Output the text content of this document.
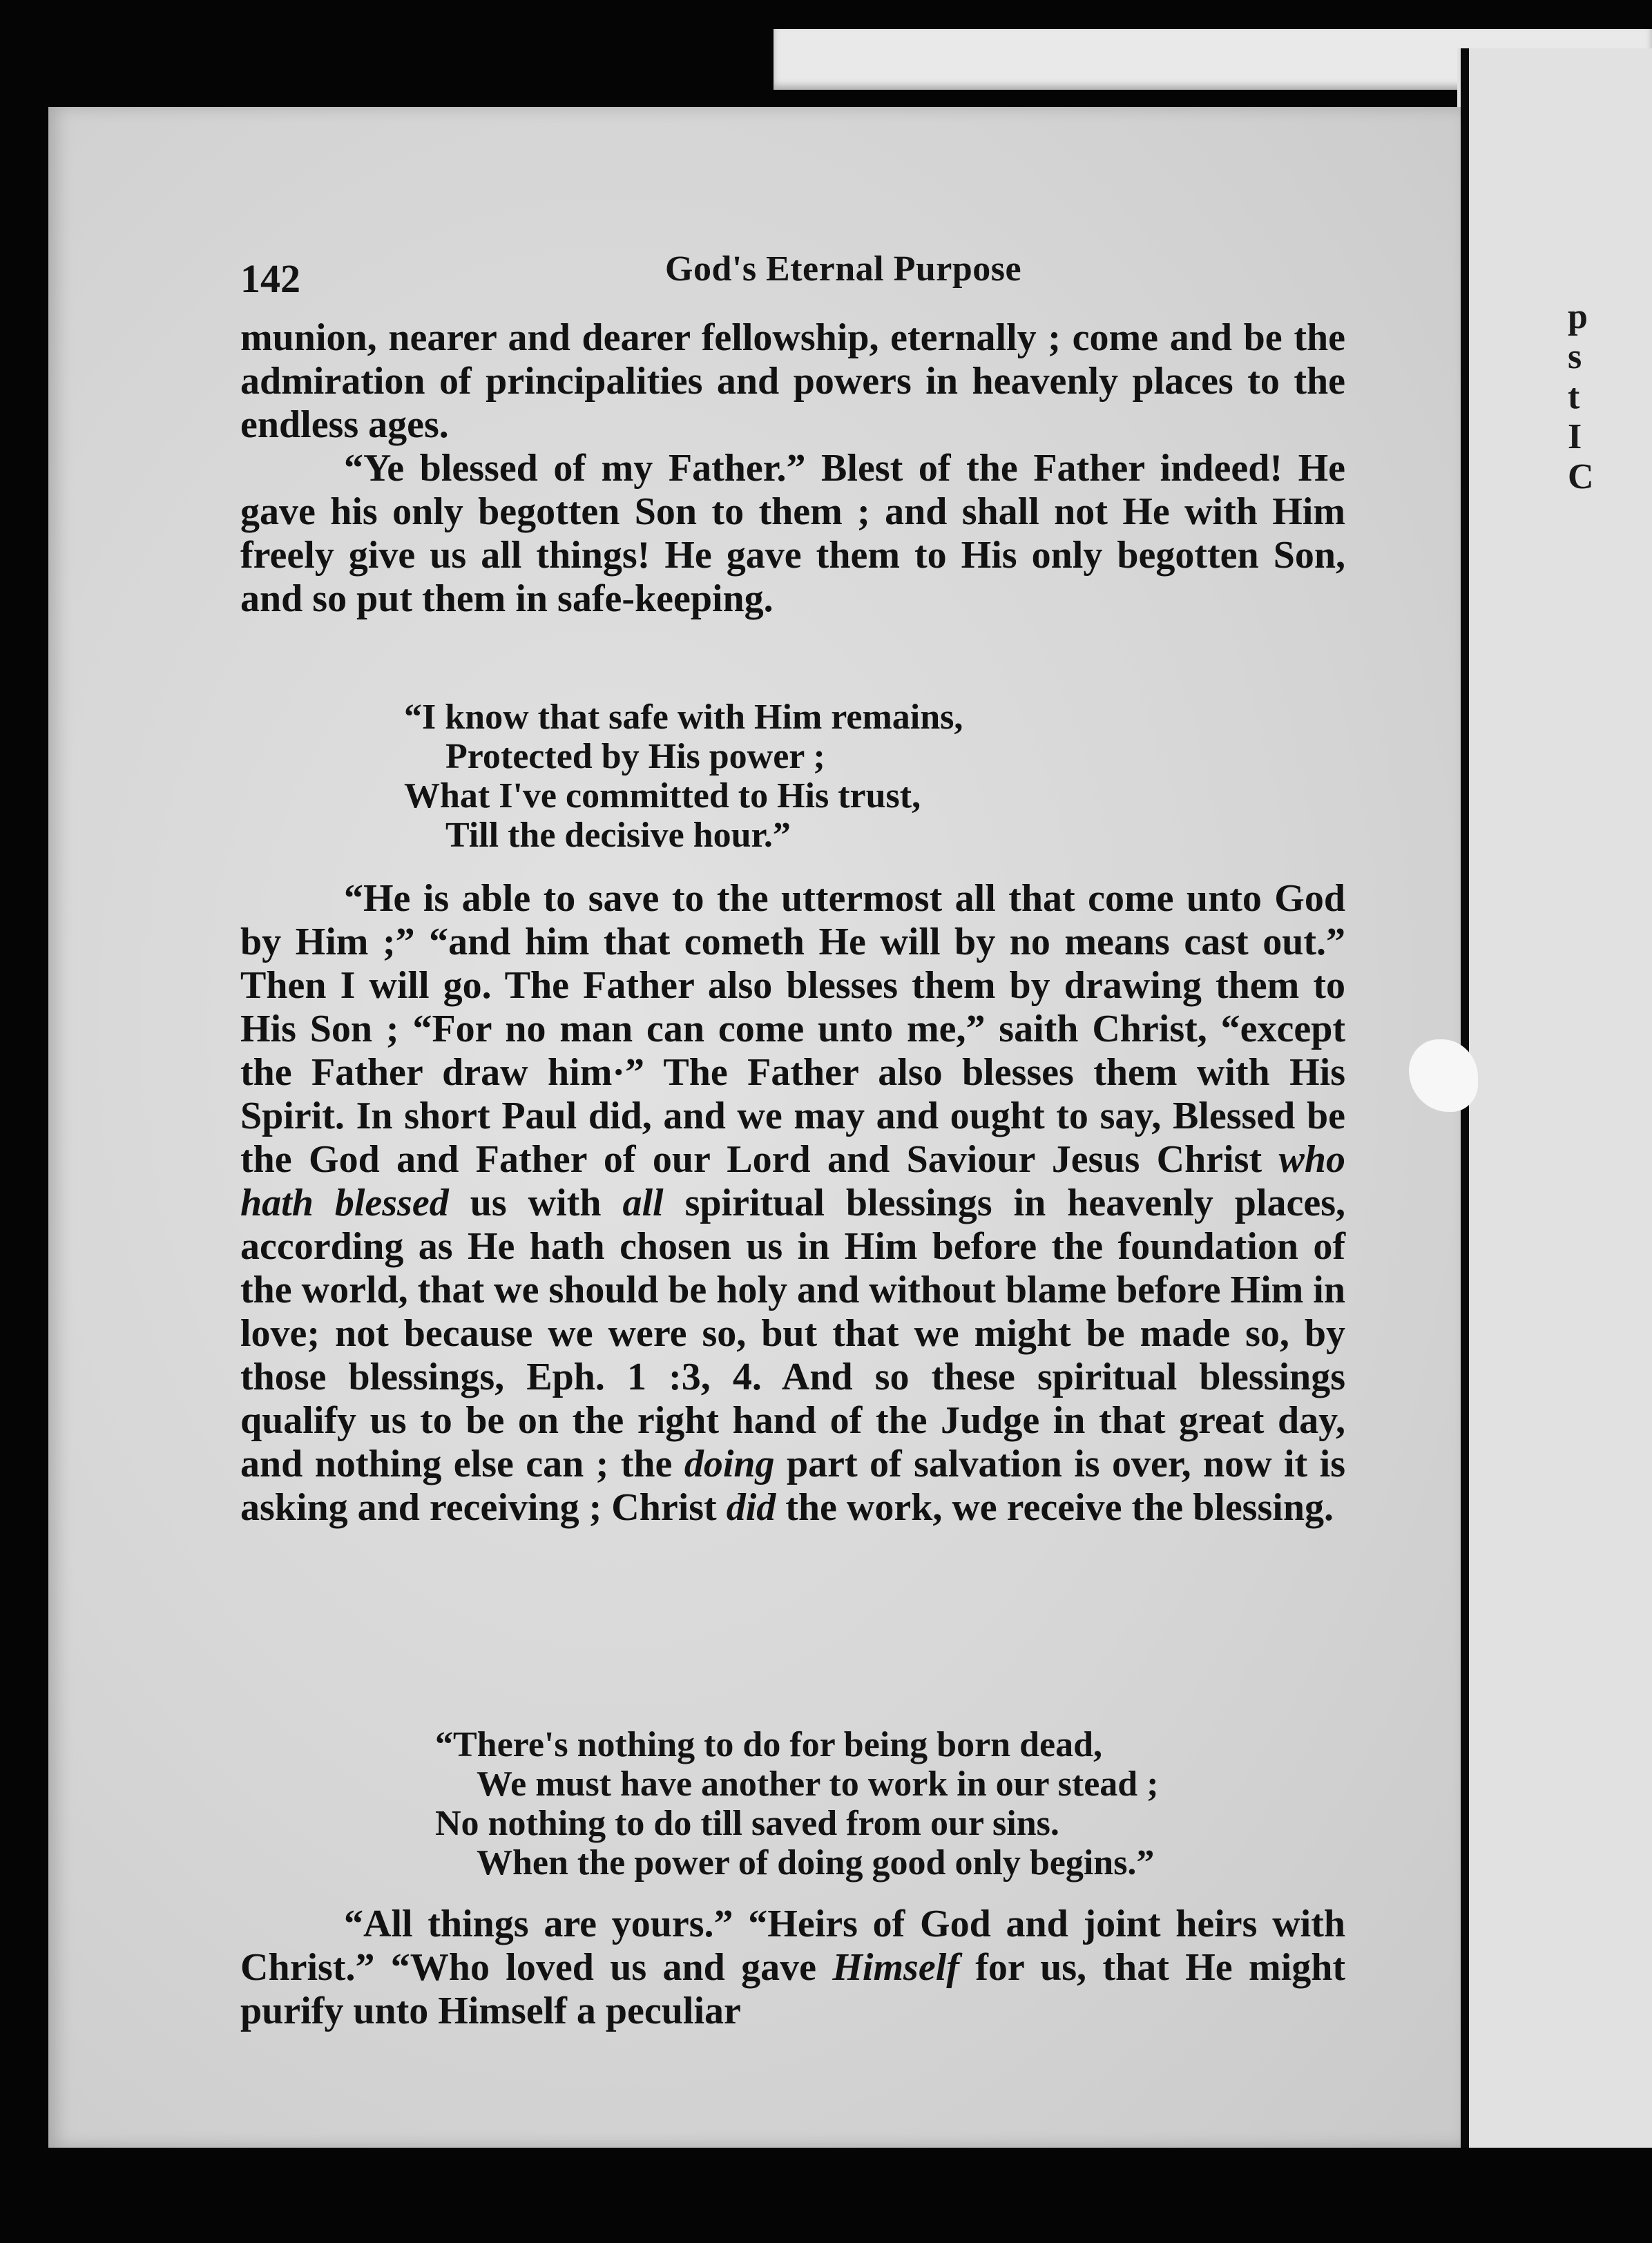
p
s
t
I
C
142	God's Eternal Purpose

munion, nearer and dearer fellowship, eternally ; come and be the admiration of principalities and powers in heavenly places to the endless ages.

“Ye blessed of my Father.” Blest of the Father indeed! He gave his only begotten Son to them ; and shall not He with Him freely give us all things! He gave them to His only begotten Son, and so put them in safe-keeping.

“I know that safe with Him remains,
Protected by His power ;
What I've committed to His trust,
Till the decisive hour.”

“He is able to save to the uttermost all that come unto God by Him ;” “and him that cometh He will by no means cast out.” Then I will go. The Father also blesses them by drawing them to His Son ; “For no man can come unto me,” saith Christ, “except the Father draw him·” The Father also blesses them with His Spirit. In short Paul did, and we may and ought to say, Blessed be the God and Father of our Lord and Saviour Jesus Christ who hath blessed us with all spiritual blessings in heavenly places, according as He hath chosen us in Him before the foundation of the world, that we should be holy and without blame before Him in love; not because we were so, but that we might be made so, by those blessings, Eph. 1 :3, 4. And so these spiritual blessings qualify us to be on the right hand of the Judge in that great day, and nothing else can ; the doing part of salvation is over, now it is asking and receiving ; Christ did the work, we receive the blessing.

“There's nothing to do for being born dead,
We must have another to work in our stead ;
No nothing to do till saved from our sins.
When the power of doing good only begins.”

“All things are yours.” “Heirs of God and joint heirs with Christ.” “Who loved us and gave Himself for us, that He might purify unto Himself a peculiar
